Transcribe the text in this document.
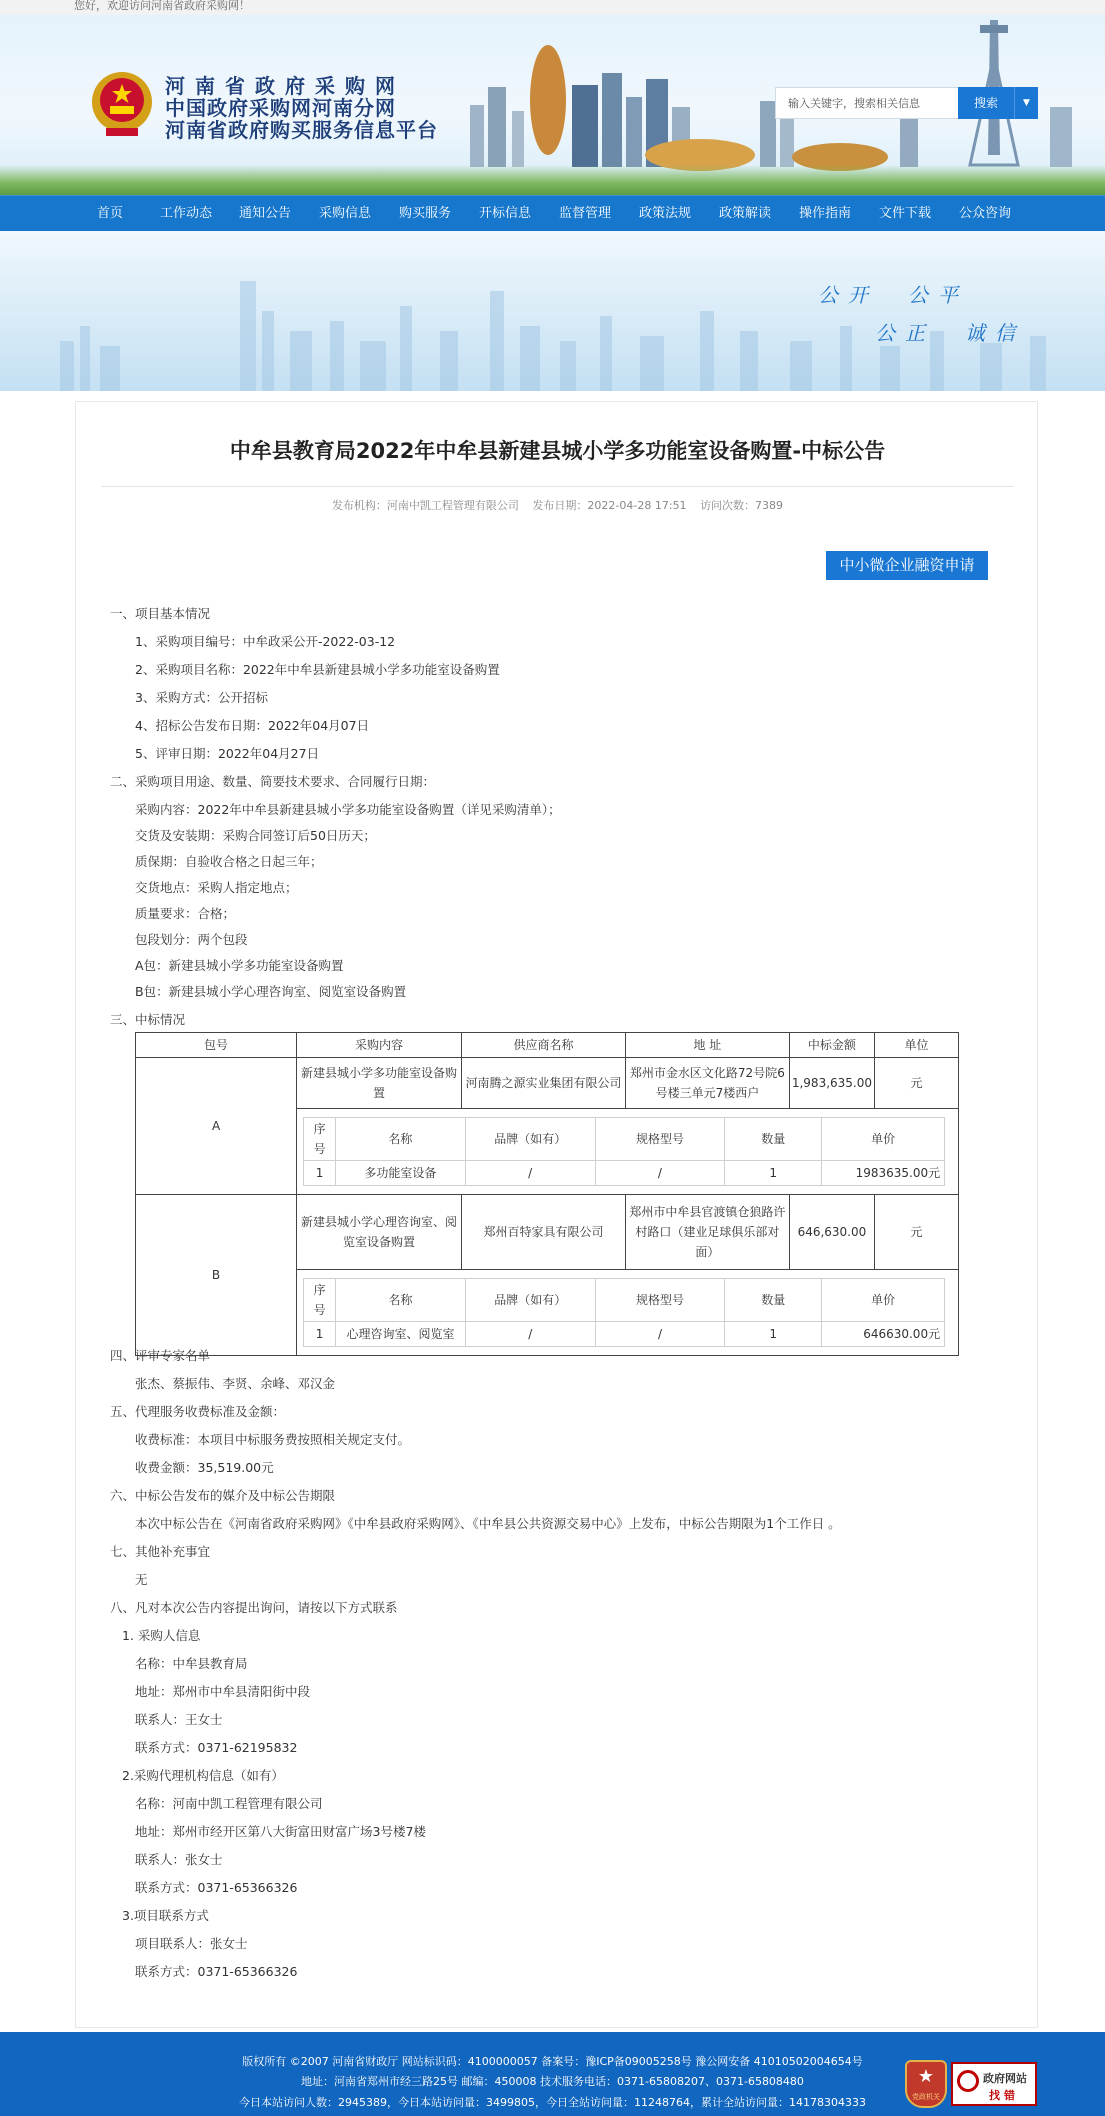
您好，欢迎访问河南省政府采购网！
河南省政府采购网
中国政府采购网河南分网
河南省政府购买服务信息平台
输入关键字，搜索相关信息
搜索	▼
首页	工作动态 通知公告 采购信息 购买服务 开标信息 监督管理 政策法规 政策解读 操作指南 文件下载 公众咨询
公开　公平
公正　诚信
中牟县教育局2022年中牟县新建县城小学多功能室设备购置-中标公告
发布机构：河南中凯工程管理有限公司 发布日期：2022-04-28 17:51 访问次数：7389
中小微企业融资申请
一、项目基本情况
1、采购项目编号：中牟政采公开-2022-03-12
2、采购项目名称：2022年中牟县新建县城小学多功能室设备购置
3、采购方式：公开招标
4、招标公告发布日期：2022年04月07日
5、评审日期：2022年04月27日
二、采购项目用途、数量、简要技术要求、合同履行日期：
采购内容：2022年中牟县新建县城小学多功能室设备购置（详见采购清单）；
交货及安装期：采购合同签订后50日历天；
质保期：自验收合格之日起三年；
交货地点：采购人指定地点；
质量要求：合格；
包段划分：两个包段
A包：新建县城小学多功能室设备购置
B包：新建县城小学心理咨询室、阅览室设备购置
三、中标情况
包号	采购内容	供应商名称	地 址	中标金额	单位
A	新建县城小学多功能室设备购置	河南腾之源实业集团有限公司	郑州市金水区文化路72号院6号楼三单元7楼西户	1,983,635.00	元

序号	名称	品牌（如有）	规格型号	数量	单价
1	多功能室设备	/	/	1	1983635.00元

B	新建县城小学心理咨询室、阅览室设备购置	郑州百特家具有限公司	郑州市中牟县官渡镇仓狼路许村路口（建业足球俱乐部对面）	646,630.00	元

序号	名称	品牌（如有）	规格型号	数量	单价
1	心理咨询室、阅览室	/	/	1	646630.00元
四、评审专家名单
张杰、蔡振伟、李贤、余峰、邓汉金
五、代理服务收费标准及金额：
收费标准：本项目中标服务费按照相关规定支付。
收费金额：35,519.00元
六、中标公告发布的媒介及中标公告期限
本次中标公告在《河南省政府采购网》《中牟县政府采购网》、《中牟县公共资源交易中心》上发布，中标公告期限为1个工作日 。
七、其他补充事宜
无
八、凡对本次公告内容提出询问，请按以下方式联系
1. 采购人信息
名称：中牟县教育局
地址：郑州市中牟县清阳街中段
联系人：王女士
联系方式：0371-62195832
2.采购代理机构信息（如有）
名称：河南中凯工程管理有限公司
地址：郑州市经开区第八大街富田财富广场3号楼7楼
联系人：张女士
联系方式：0371-65366326
3.项目联系方式
项目联系人：张女士
联系方式：0371-65366326
版权所有 ©2007 河南省财政厅 网站标识码：4100000057 备案号：豫ICP备09005258号 豫公网安备 41010502004654号
地址：河南省郑州市经三路25号 邮编：450008 技术服务电话：0371-65808207、0371-65808480
今日本站访问人数：2945389，今日本站访问量：3499805，今日全站访问量：11248764，累计全站访问量：14178304333
★
党政机关
政府网站
找错
